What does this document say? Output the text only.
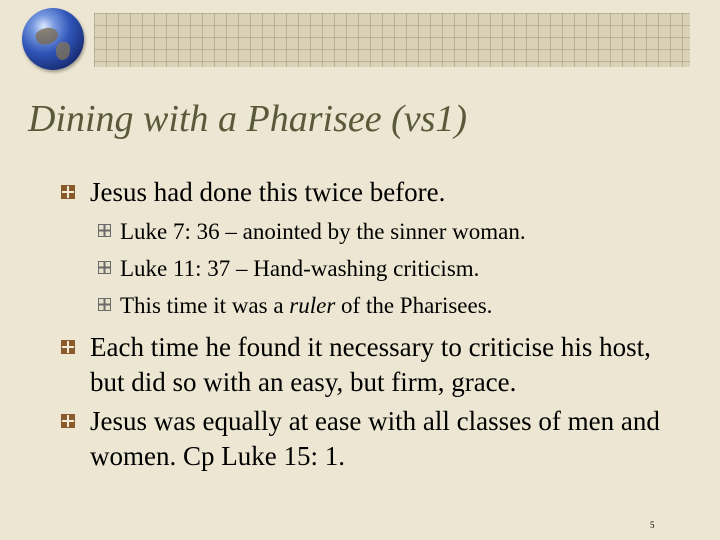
Dining with a Pharisee (vs1)
Jesus had done this twice before.
Luke 7: 36 – anointed by the sinner woman.
Luke 11: 37 – Hand-washing criticism.
This time it was a ruler of the Pharisees.
Each time he found it necessary to criticise his host, but did so with an easy, but firm, grace.
Jesus was equally at ease with all classes of men and women. Cp Luke 15: 1.
5
